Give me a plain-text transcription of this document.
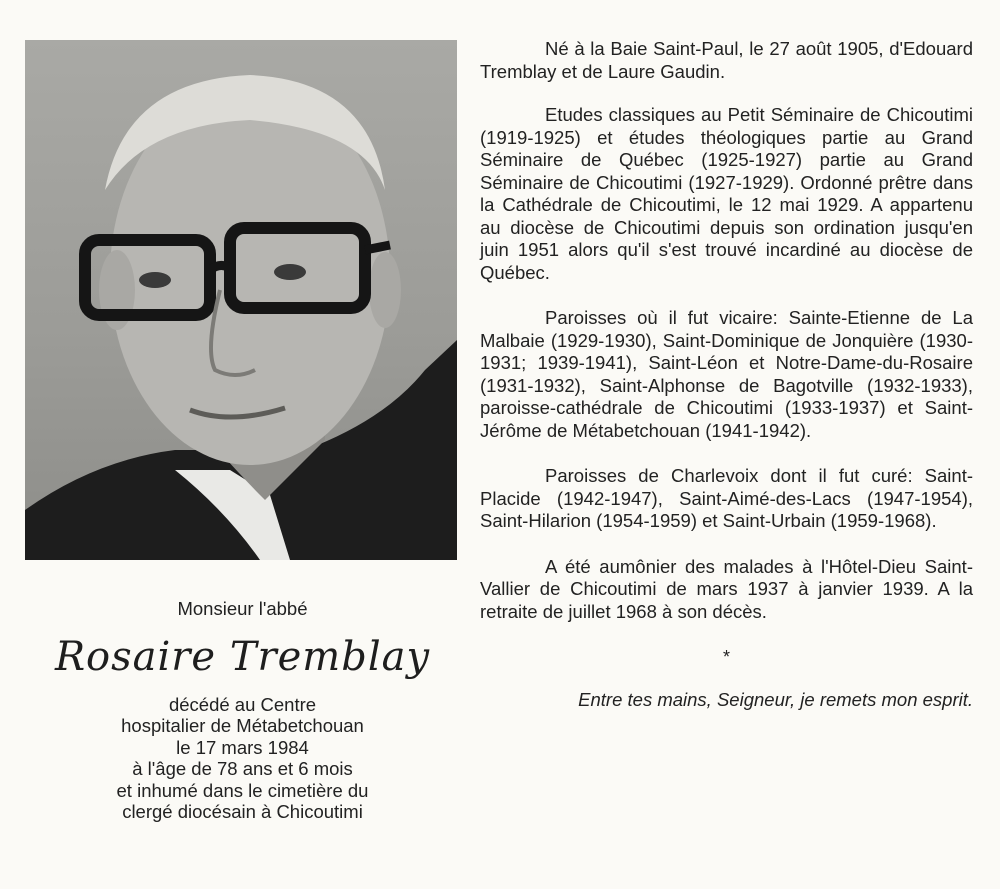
Monsieur l'abbé
Rosaire Tremblay

décédé au Centre

hospitalier de Métabetchouan

le 17 mars 1984

à l'âge de 78 ans et 6 mois

et inhumé dans le cimetière du

clergé diocésain à Chicoutimi

Né à la Baie Saint-Paul, le 27 août 1905, d'Edouard Tremblay et de Laure Gaudin.

Etudes classiques au Petit Séminaire de Chicoutimi (1919-1925) et études théologiques partie au Grand Séminaire de Québec (1925-1927) partie au Grand Séminaire de Chicoutimi (1927-1929). Ordonné prêtre dans la Cathédrale de Chicoutimi, le 12 mai 1929. A appartenu au diocèse de Chicoutimi depuis son ordination jusqu'en juin 1951 alors qu'il s'est trouvé incardiné au diocèse de Québec.

Paroisses où il fut vicaire: Sainte-Etienne de La Malbaie (1929-1930), Saint-Dominique de Jonquière (1930-1931; 1939-1941), Saint-Léon et Notre-Dame-du-Rosaire (1931-1932), Saint-Alphonse de Bagotville (1932-1933), paroisse-cathédrale de Chicoutimi (1933-1937) et Saint-Jérôme de Métabetchouan (1941-1942).

Paroisses de Charlevoix dont il fut curé: Saint-Placide (1942-1947), Saint-Aimé-des-Lacs (1947-1954), Saint-Hilarion (1954-1959) et Saint-Urbain (1959-1968).

A été aumônier des malades à l'Hôtel-Dieu Saint-Vallier de Chicoutimi de mars 1937 à janvier 1939. A la retraite de juillet 1968 à son décès.

*
Entre tes mains, Seigneur, je remets mon esprit.
